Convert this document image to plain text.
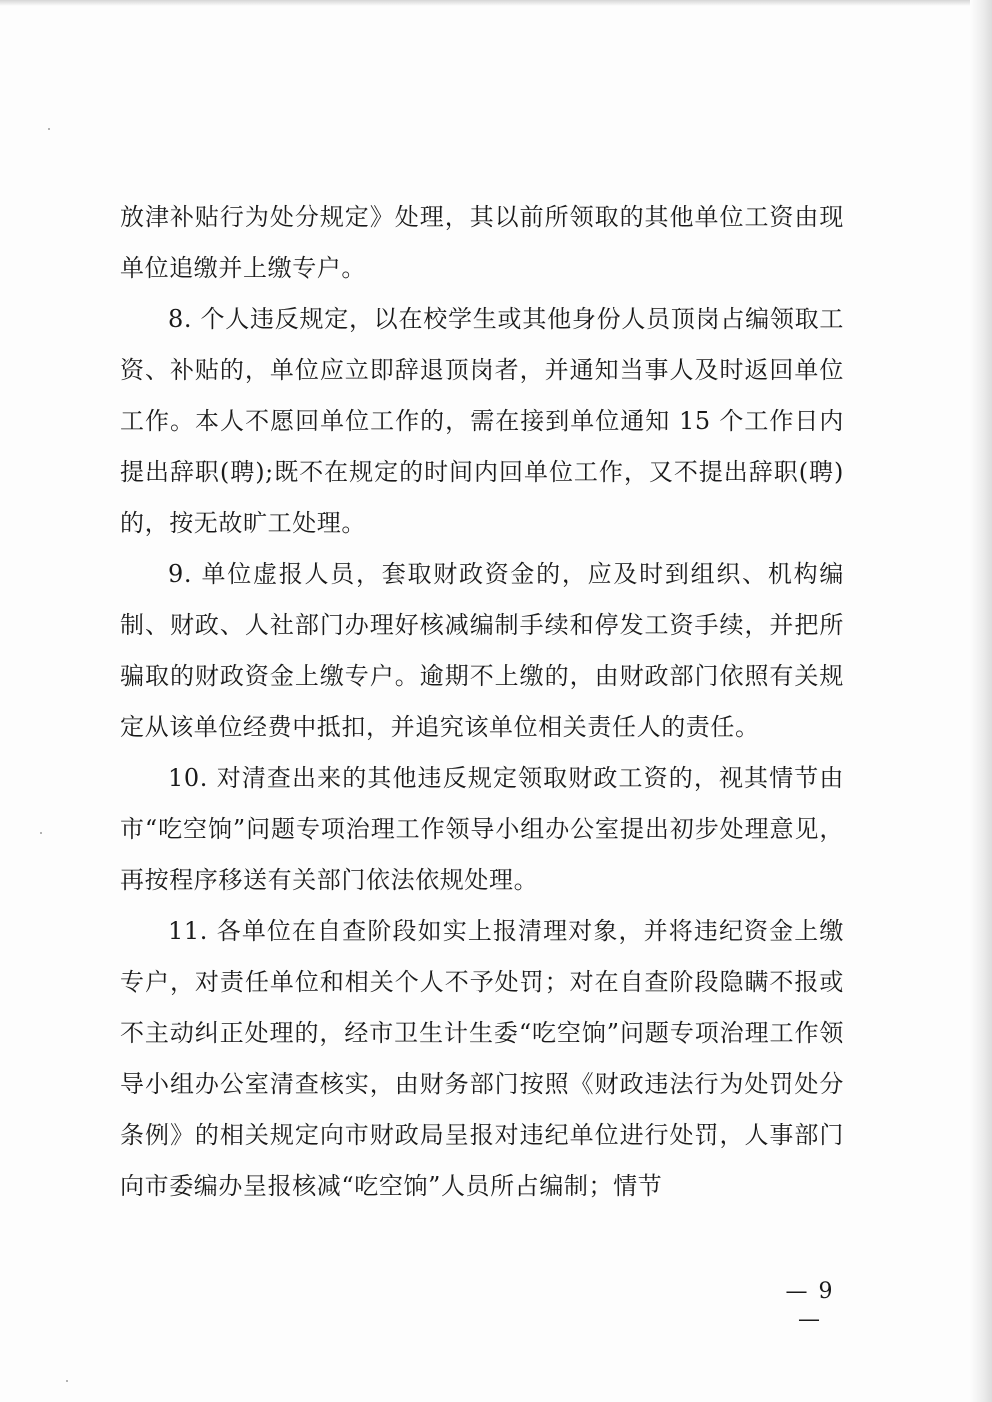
放津补贴行为处分规定》处理，其以前所领取的其他单位工资由现单位追缴并上缴专户。

8. 个人违反规定，以在校学生或其他身份人员顶岗占编领取工资、补贴的，单位应立即辞退顶岗者，并通知当事人及时返回单位工作。本人不愿回单位工作的，需在接到单位通知 15 个工作日内提出辞职(聘);既不在规定的时间内回单位工作，又不提出辞职(聘)的，按无故旷工处理。

9. 单位虚报人员，套取财政资金的，应及时到组织、机构编制、财政、人社部门办理好核减编制手续和停发工资手续，并把所骗取的财政资金上缴专户。逾期不上缴的，由财政部门依照有关规定从该单位经费中抵扣，并追究该单位相关责任人的责任。

10. 对清查出来的其他违反规定领取财政工资的，视其情节由市“吃空饷”问题专项治理工作领导小组办公室提出初步处理意见，再按程序移送有关部门依法依规处理。

11. 各单位在自查阶段如实上报清理对象，并将违纪资金上缴专户，对责任单位和相关个人不予处罚；对在自查阶段隐瞒不报或不主动纠正处理的，经市卫生计生委“吃空饷”问题专项治理工作领导小组办公室清查核实，由财务部门按照《财政违法行为处罚处分条例》的相关规定向市财政局呈报对违纪单位进行处罚，人事部门向市委编办呈报核减“吃空饷”人员所占编制；情节

— 9 —
